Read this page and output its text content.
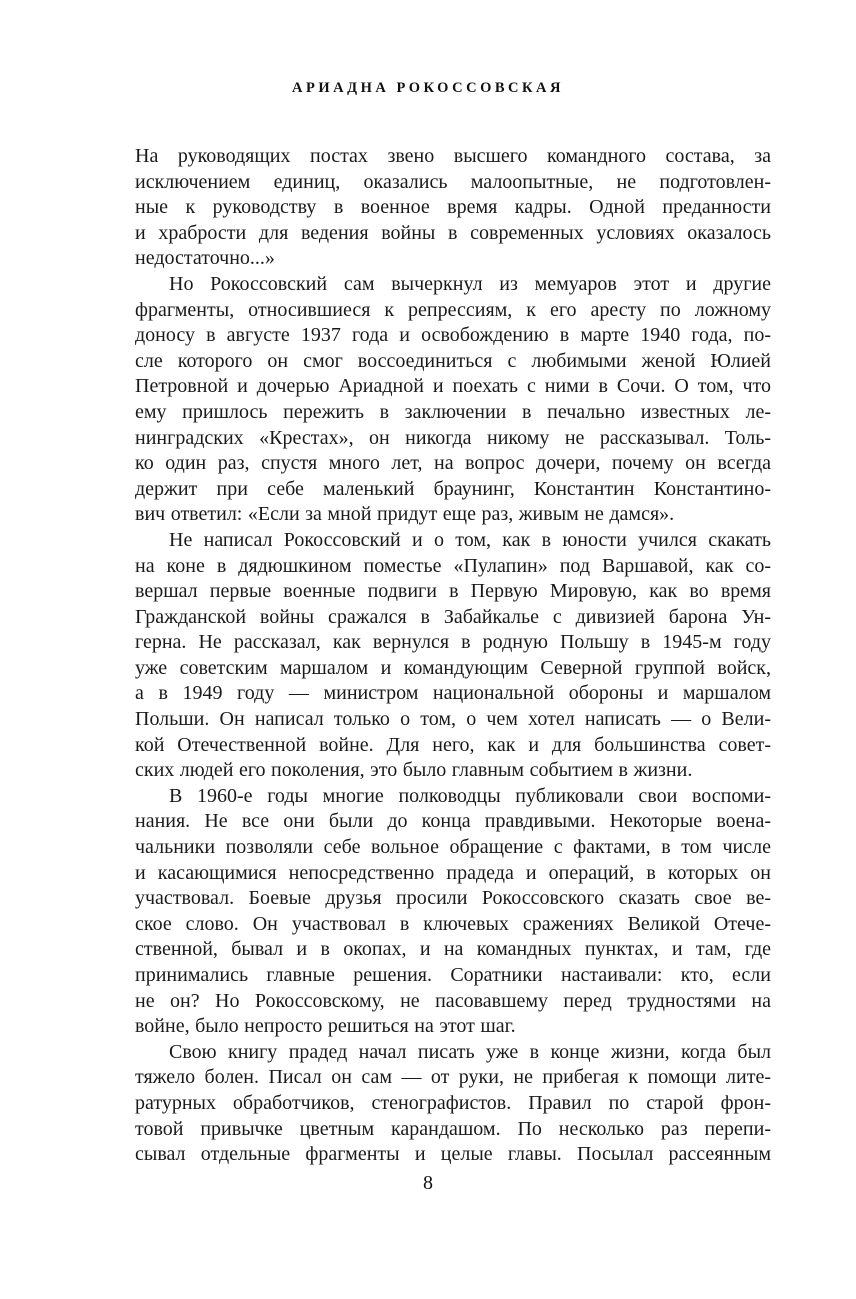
АРИАДНА РОКОССОВСКАЯ
На руководящих постах звено высшего командного состава, за
исключением единиц, оказались малоопытные, не подготовлен-
ные к руководству в военное время кадры. Одной преданности
и храбрости для ведения войны в современных условиях оказалось
недостаточно...»
Но Рокоссовский сам вычеркнул из мемуаров этот и другие
фрагменты, относившиеся к репрессиям, к его аресту по ложному
доносу в августе 1937 года и освобождению в марте 1940 года, по-
сле которого он смог воссоединиться с любимыми женой Юлией
Петровной и дочерью Ариадной и поехать с ними в Сочи. О том, что
ему пришлось пережить в заключении в печально известных ле-
нинградских «Крестах», он никогда никому не рассказывал. Толь-
ко один раз, спустя много лет, на вопрос дочери, почему он всегда
держит при себе маленький браунинг, Константин Константино-
вич ответил: «Если за мной придут еще раз, живым не дамся».
Не написал Рокоссовский и о том, как в юности учился скакать
на коне в дядюшкином поместье «Пулапин» под Варшавой, как со-
вершал первые военные подвиги в Первую Мировую, как во время
Гражданской войны сражался в Забайкалье с дивизией барона Ун-
герна. Не рассказал, как вернулся в родную Польшу в 1945-м году
уже советским маршалом и командующим Северной группой войск,
а в 1949 году — министром национальной обороны и маршалом
Польши. Он написал только о том, о чем хотел написать — о Вели-
кой Отечественной войне. Для него, как и для большинства совет-
ских людей его поколения, это было главным событием в жизни.
В 1960-е годы многие полководцы публиковали свои воспоми-
нания. Не все они были до конца правдивыми. Некоторые воена-
чальники позволяли себе вольное обращение с фактами, в том числе
и касающимися непосредственно прадеда и операций, в которых он
участвовал. Боевые друзья просили Рокоссовского сказать свое ве-
ское слово. Он участвовал в ключевых сражениях Великой Отече-
ственной, бывал и в окопах, и на командных пунктах, и там, где
принимались главные решения. Соратники настаивали: кто, если
не он? Но Рокоссовскому, не пасовавшему перед трудностями на
войне, было непросто решиться на этот шаг.
Свою книгу прадед начал писать уже в конце жизни, когда был
тяжело болен. Писал он сам — от руки, не прибегая к помощи лите-
ратурных обработчиков, стенографистов. Правил по старой фрон-
товой привычке цветным карандашом. По несколько раз перепи-
сывал отдельные фрагменты и целые главы. Посылал рассеянным
8
